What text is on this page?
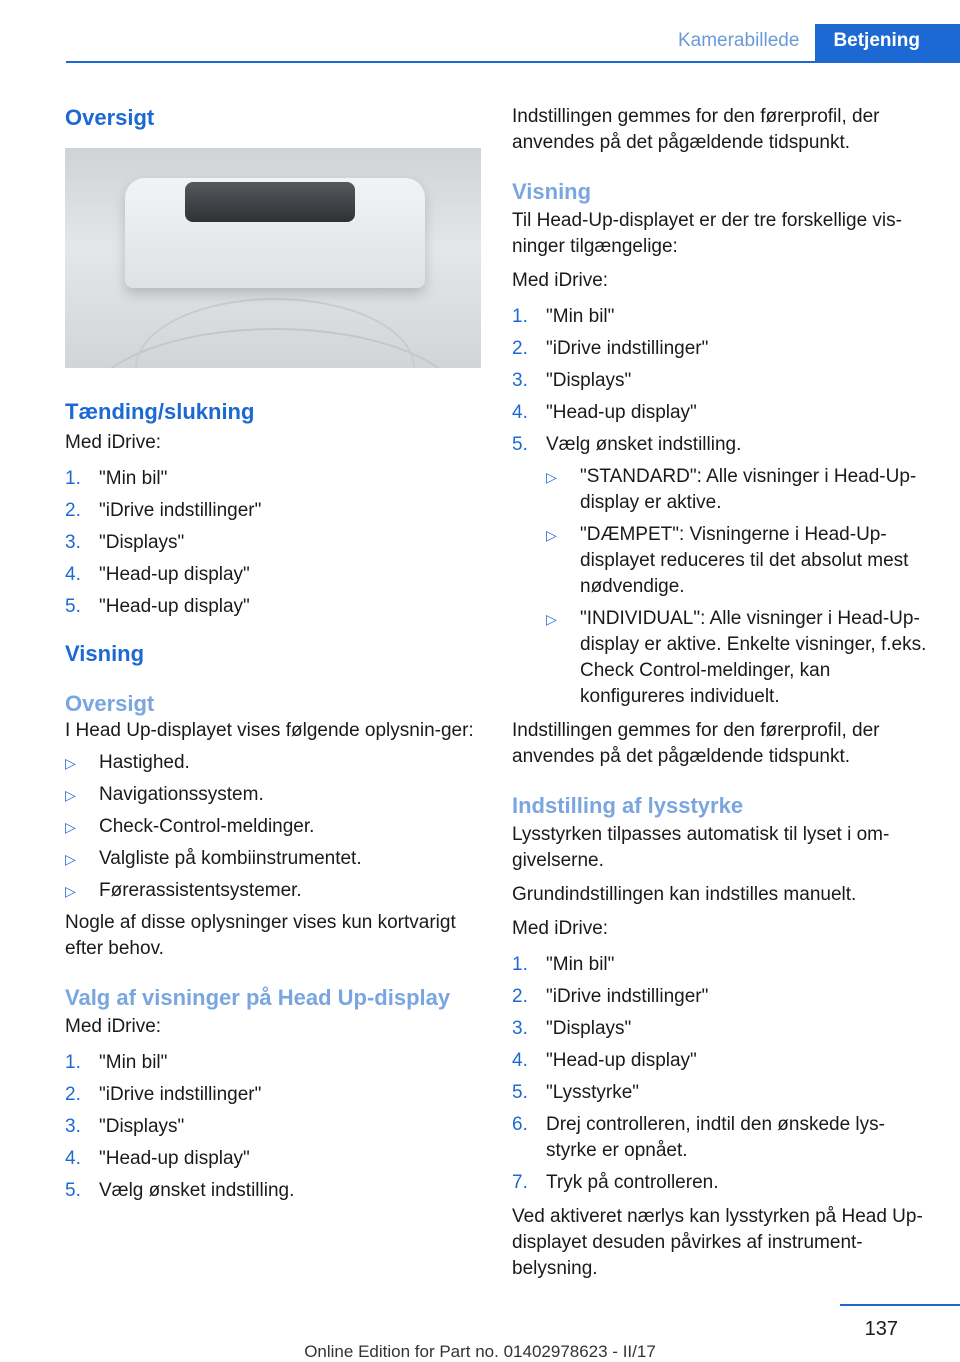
Kamerabillede	Betjening
Oversigt
Tænding/slukning

Med iDrive:

1. "Min bil"
2. "iDrive indstillinger"
3. "Displays"
4. "Head-up display"
5. "Head-up display"
Visning
Oversigt

I Head Up-displayet vises følgende oplysnin‐ger:

▷ Hastighed.
▷ Navigationssystem.
▷ Check-Control-meldinger.
▷ Valgliste på kombiinstrumentet.
▷ Førerassistentsystemer.

Nogle af disse oplysninger vises kun kortvarigt efter behov.

Valg af visninger på Head Up-display

Med iDrive:

1. "Min bil"
2. "iDrive indstillinger"
3. "Displays"
4. "Head-up display"
5. Vælg ønsket indstilling.

Indstillingen gemmes for den førerprofil, der anvendes på det pågældende tidspunkt.

Visning

Til Head-Up-displayet er der tre forskellige vis‐ninger tilgængelige:

Med iDrive:

1. "Min bil"
2. "iDrive indstillinger"
3. "Displays"
4. "Head-up display"
5. Vælg ønsket indstilling.
▷ "STANDARD": Alle visninger i Head-Up-display er aktive.
▷ "DÆMPET": Visningerne i Head-Up-displayet reduceres til det absolut mest nødvendige.
▷ "INDIVIDUAL": Alle visninger i Head-Up-display er aktive. Enkelte visninger, f.eks. Check Control-meldinger, kan konfigureres individuelt.

Indstillingen gemmes for den førerprofil, der anvendes på det pågældende tidspunkt.

Indstilling af lysstyrke

Lysstyrken tilpasses automatisk til lyset i om‐givelserne.

Grundindstillingen kan indstilles manuelt.

Med iDrive:

1. "Min bil"
2. "iDrive indstillinger"
3. "Displays"
4. "Head-up display"
5. "Lysstyrke"
6. Drej controlleren, indtil den ønskede lys‐styrke er opnået.
7. Tryk på controlleren.

Ved aktiveret nærlys kan lysstyrken på Head Up-displayet desuden påvirkes af instrument‐belysning.

137
Online Edition for Part no. 01402978623 - II/17
